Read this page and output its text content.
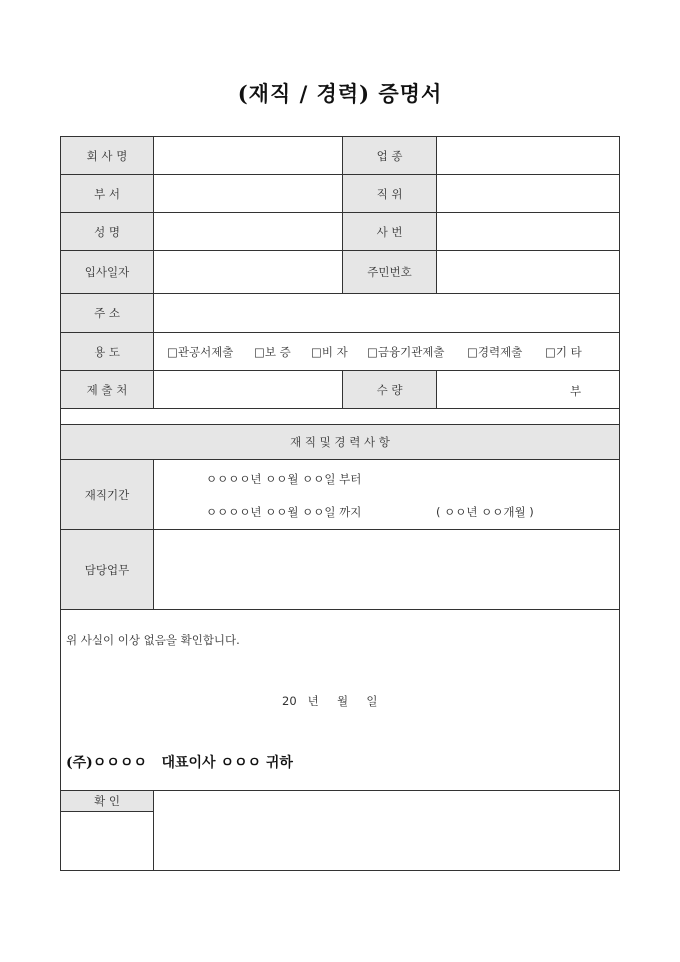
(재직 / 경력) 증명서
회 사 명
부 서
성 명
입사일자
주 소
용 도
제 출 처
업 종
직 위
사 번
주민번호
수 량
재 직 및 경 력 사 항
재직기간
담당업무
확 인
□관공서제출 □보 증 □비 자 □금융기관제출 □경력제출 □기 타
부
ㅇㅇㅇㅇ년 ㅇㅇ월 ㅇㅇ일 부터
ㅇㅇㅇㅇ년 ㅇㅇ월 ㅇㅇ일 까지	( ㅇㅇ년 ㅇㅇ개월 )
위 사실이 이상 없음을 확인합니다.
20   년     월     일
(주)ㅇㅇㅇㅇ   대표이사 ㅇㅇㅇ 귀하
